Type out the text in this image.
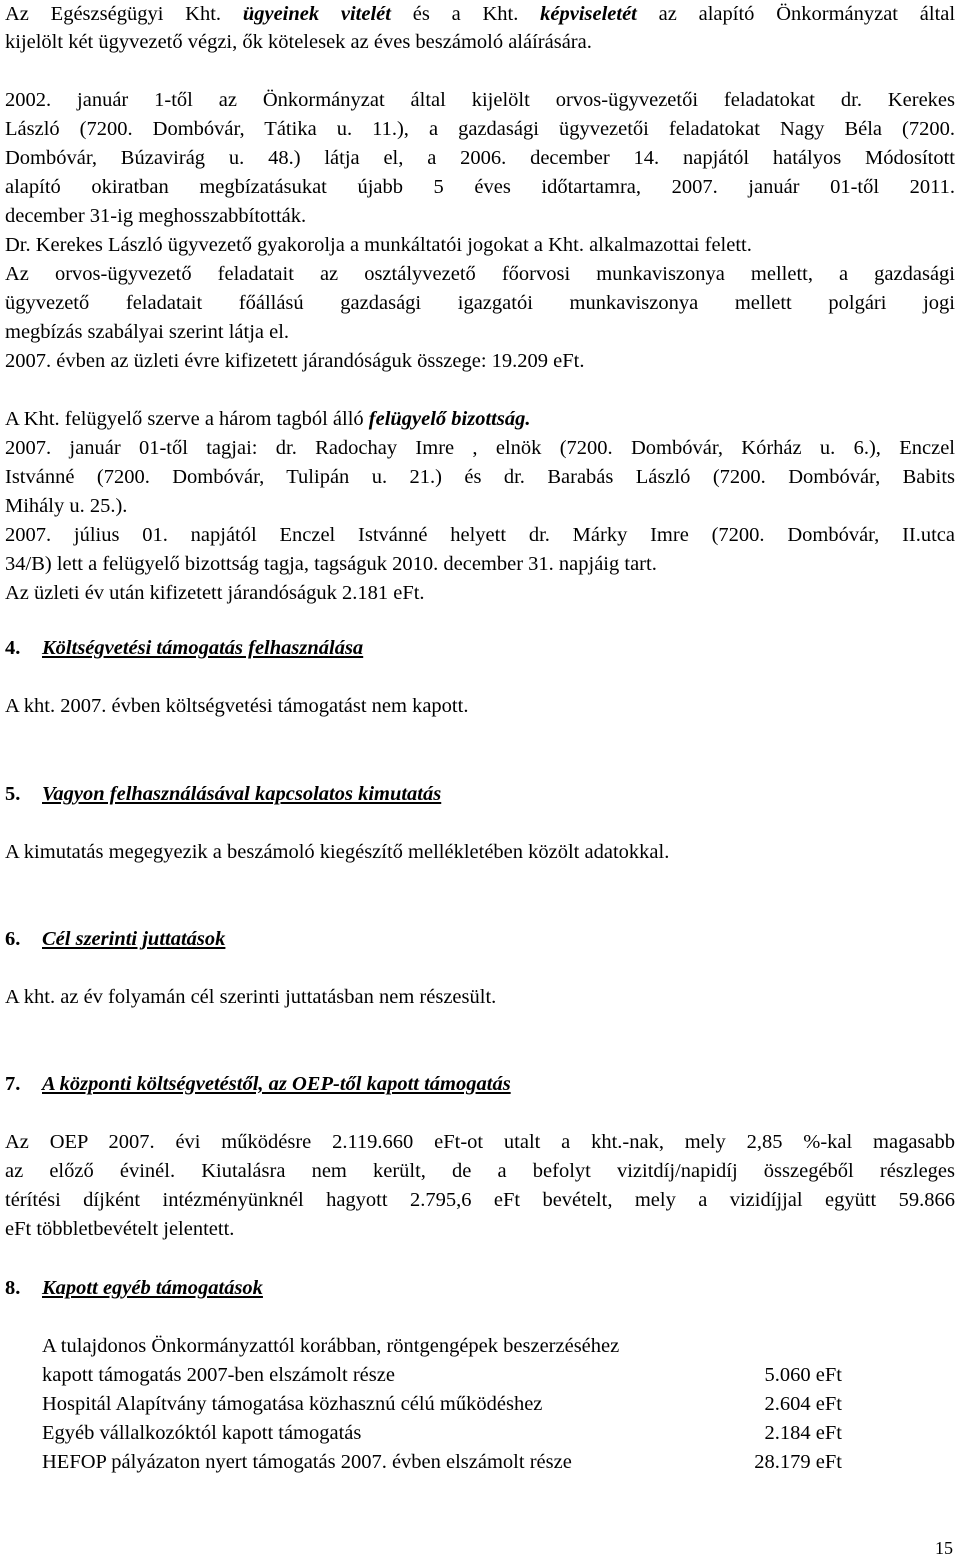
Az Egészségügyi Kht. ügyeinek vitelét és a Kht. képviseletét az alapító Önkormányzat által
kijelölt két ügyvezető végzi, ők kötelesek az éves beszámoló aláírására.
2002. január 1-től az Önkormányzat által kijelölt orvos-ügyvezetői feladatokat dr. Kerekes
László (7200. Dombóvár, Tátika u. 11.), a gazdasági ügyvezetői feladatokat Nagy Béla (7200.
Dombóvár, Búzavirág u. 48.) látja el, a 2006. december 14. napjától hatályos Módosított
alapító okiratban megbízatásukat újabb 5 éves időtartamra, 2007. január 01-től 2011.
december 31-ig meghosszabbították.
Dr. Kerekes László ügyvezető gyakorolja a munkáltatói jogokat a Kht. alkalmazottai felett.
Az orvos-ügyvezető feladatait az osztályvezető főorvosi munkaviszonya mellett, a gazdasági
ügyvezető feladatait főállású gazdasági igazgatói munkaviszonya mellett polgári jogi
megbízás szabályai szerint látja el.
2007. évben az üzleti évre kifizetett járandóságuk összege: 19.209 eFt.
A Kht. felügyelő szerve a három tagból álló felügyelő bizottság.
2007. január 01-től tagjai: dr. Radochay Imre , elnök (7200. Dombóvár, Kórház u. 6.), Enczel
Istvánné (7200. Dombóvár, Tulipán u. 21.) és dr. Barabás László (7200. Dombóvár, Babits
Mihály u. 25.).
2007. július 01. napjától Enczel Istvánné helyett dr. Márky Imre (7200. Dombóvár, II.utca
34/B) lett a felügyelő bizottság tagja, tagságuk 2010. december 31. napjáig tart.
Az üzleti év után kifizetett járandóságuk 2.181 eFt.
4. Költségvetési támogatás felhasználása
A kht. 2007. évben költségvetési támogatást nem kapott.
5. Vagyon felhasználásával kapcsolatos kimutatás
A kimutatás megegyezik a beszámoló kiegészítő mellékletében közölt adatokkal.
6. Cél szerinti juttatások
A kht. az év folyamán cél szerinti juttatásban nem részesült.
7. A központi költségvetéstől, az OEP-től kapott támogatás
Az OEP 2007. évi működésre 2.119.660 eFt-ot utalt a kht.-nak, mely 2,85 %-kal magasabb
az előző évinél. Kiutalásra nem került, de a befolyt vizitdíj/napidíj összegéből részleges
térítési díjként intézményünknél hagyott 2.795,6 eFt bevételt, mely a vizidíjjal együtt 59.866
eFt többletbevételt jelentett.
8. Kapott egyéb támogatások
A tulajdonos Önkormányzattól korábban, röntgengépek beszerzéséhez
kapott támogatás 2007-ben elszámolt része	5.060 eFt
Hospitál Alapítvány támogatása közhasznú célú működéshez	2.604 eFt
Egyéb vállalkozóktól kapott támogatás	2.184 eFt
HEFOP pályázaton nyert támogatás 2007. évben elszámolt része	28.179 eFt
15
